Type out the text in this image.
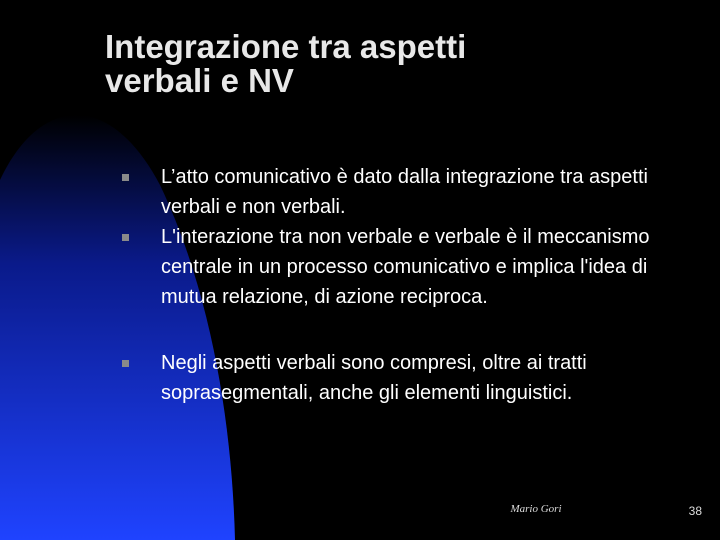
Integrazione tra aspetti
verbali e NV
L’atto comunicativo è dato dalla integrazione tra aspetti verbali e non verbali.
L'interazione tra non verbale e verbale è il meccanismo centrale in un processo comunicativo e implica l'idea di mutua relazione, di azione reciproca.
Negli aspetti verbali sono compresi, oltre ai tratti soprasegmentali, anche gli elementi linguistici.
Mario Gori	38
